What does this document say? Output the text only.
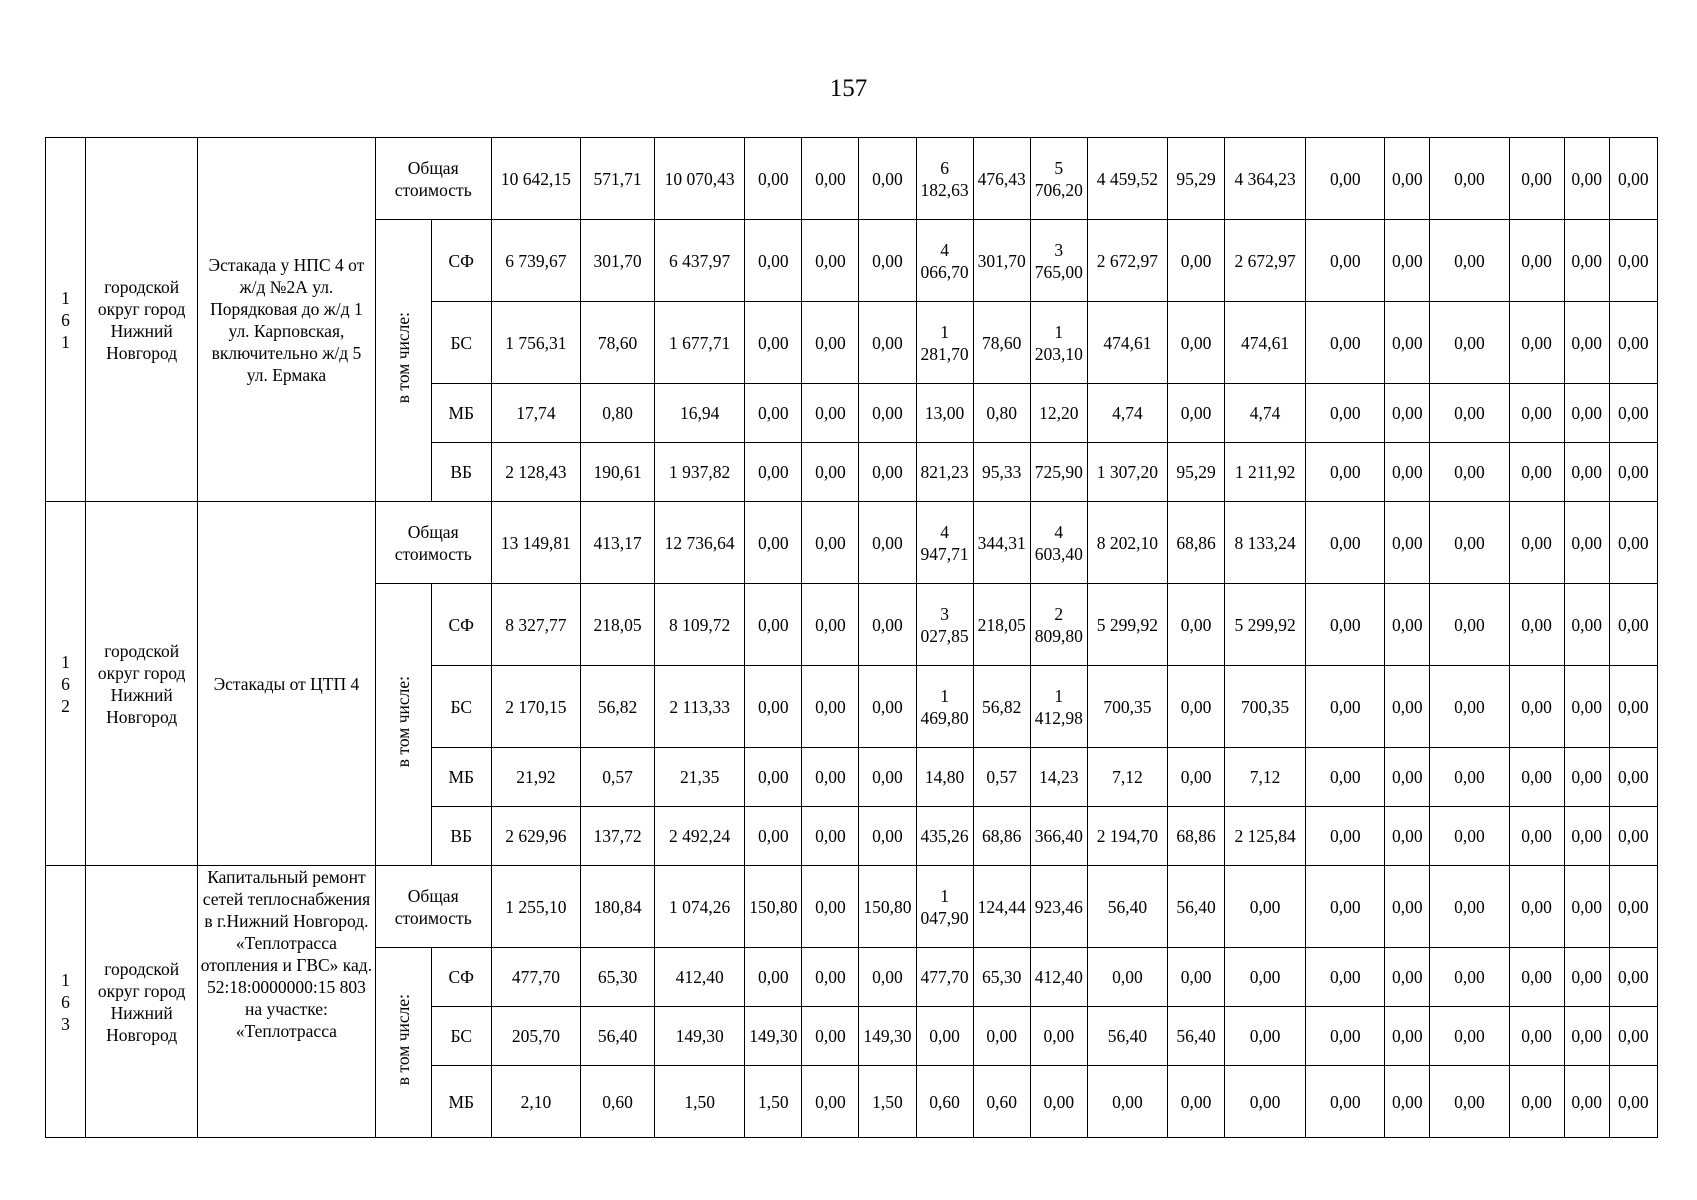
157
1
6
1	городской округ город Нижний Новгород	Эстакада у НПС 4 от ж/д №2А ул. Порядковая до ж/д 1 ул. Карповская, включительно ж/д 5 ул. Ермака	Общая стоимость		10 642,15	571,71	10 070,43	0,00	0,00	0,00	6 182,63	476,43	5 706,20	4 459,52	95,29	4 364,23	0,00	0,00	0,00	0,00	0,00	0,00
			в том числе:	СФ	6 739,67	301,70	6 437,97	0,00	0,00	0,00	4 066,70	301,70	3 765,00	2 672,97	0,00	2 672,97	0,00	0,00	0,00	0,00	0,00	0,00
				БС	1 756,31	78,60	1 677,71	0,00	0,00	0,00	1 281,70	78,60	1 203,10	474,61	0,00	474,61	0,00	0,00	0,00	0,00	0,00	0,00
				МБ	17,74	0,80	16,94	0,00	0,00	0,00	13,00	0,80	12,20	4,74	0,00	4,74	0,00	0,00	0,00	0,00	0,00	0,00
				ВБ	2 128,43	190,61	1 937,82	0,00	0,00	0,00	821,23	95,33	725,90	1 307,20	95,29	1 211,92	0,00	0,00	0,00	0,00	0,00	0,00

1
6
2	городской округ город Нижний Новгород	Эстакады от ЦТП 4	Общая стоимость		13 149,81	413,17	12 736,64	0,00	0,00	0,00	4 947,71	344,31	4 603,40	8 202,10	68,86	8 133,24	0,00	0,00	0,00	0,00	0,00	0,00
			в том числе:	СФ	8 327,77	218,05	8 109,72	0,00	0,00	0,00	3 027,85	218,05	2 809,80	5 299,92	0,00	5 299,92	0,00	0,00	0,00	0,00	0,00	0,00
				БС	2 170,15	56,82	2 113,33	0,00	0,00	0,00	1 469,80	56,82	1 412,98	700,35	0,00	700,35	0,00	0,00	0,00	0,00	0,00	0,00
				МБ	21,92	0,57	21,35	0,00	0,00	0,00	14,80	0,57	14,23	7,12	0,00	7,12	0,00	0,00	0,00	0,00	0,00	0,00
				ВБ	2 629,96	137,72	2 492,24	0,00	0,00	0,00	435,26	68,86	366,40	2 194,70	68,86	2 125,84	0,00	0,00	0,00	0,00	0,00	0,00

1
6
3	городской округ город Нижний Новгород	Капитальный ремонт сетей теплоснабжения в г.Нижний Новгород. «Теплотрасса отопления и ГВС» кад. 52:18:0000000:15 803 на участке: «Теплотрасса	Общая стоимость		1 255,10	180,84	1 074,26	150,80	0,00	150,80	1 047,90	124,44	923,46	56,40	56,40	0,00	0,00	0,00	0,00	0,00	0,00	0,00
			в том числе:	СФ	477,70	65,30	412,40	0,00	0,00	0,00	477,70	65,30	412,40	0,00	0,00	0,00	0,00	0,00	0,00	0,00	0,00	0,00
				БС	205,70	56,40	149,30	149,30	0,00	149,30	0,00	0,00	0,00	56,40	56,40	0,00	0,00	0,00	0,00	0,00	0,00	0,00
				МБ	2,10	0,60	1,50	1,50	0,00	1,50	0,60	0,60	0,00	0,00	0,00	0,00	0,00	0,00	0,00	0,00	0,00	0,00
